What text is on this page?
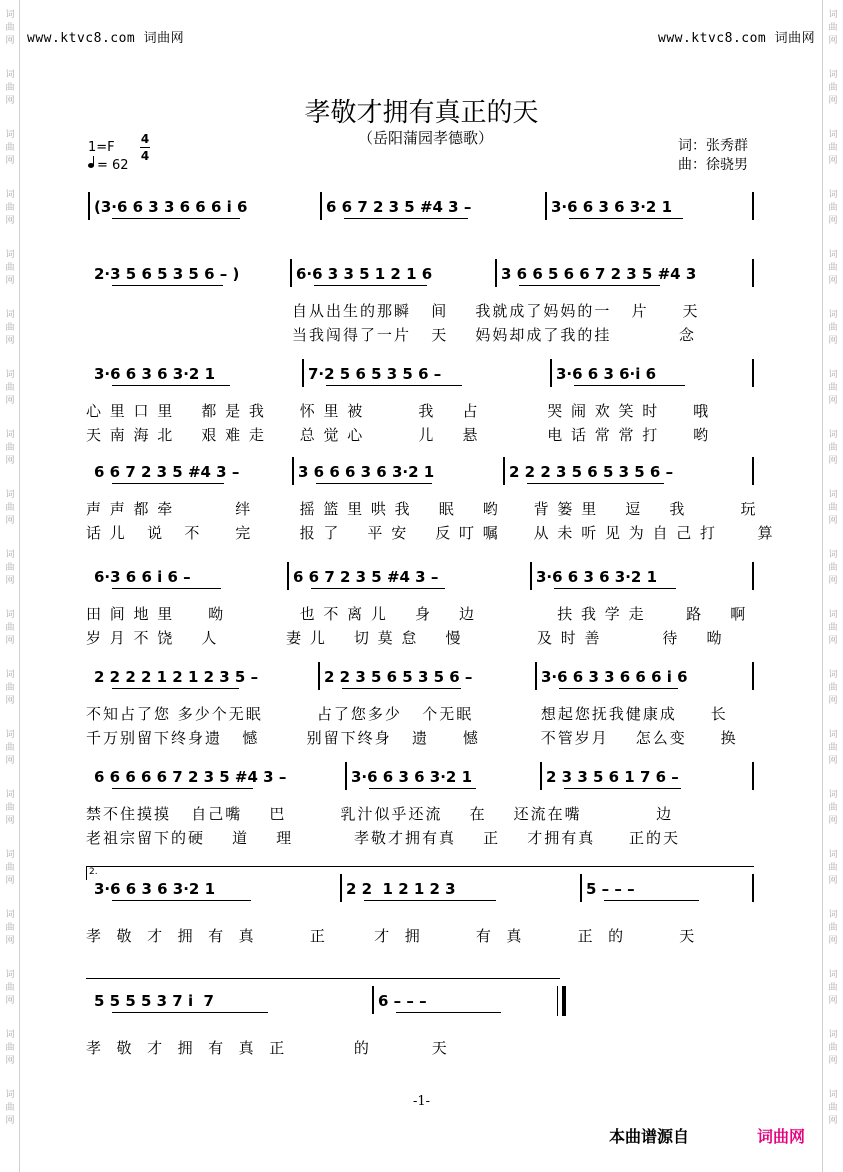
词
曲
网
词
曲
网
词
曲
网
词
曲
网
词
曲
网
词
曲
网
词
曲
网
词
曲
网
词
曲
网
词
曲
网
词
曲
网
词
曲
网
词
曲
网
词
曲
网
词
曲
网
词
曲
网
词
曲
网
词
曲
网
词
曲
网
词
曲
网
词
曲
网
词
曲
网
词
曲
网
词
曲
网
词
曲
网
词
曲
网
词
曲
网
词
曲
网
词
曲
网
词
曲
网
词
曲
网
词
曲
网
词
曲
网
词
曲
网
词
曲
网
词
曲
网
词
曲
网
词
曲
网
www.ktvc8.com 词曲网	www.ktvc8.com 词曲网
孝敬才拥有真正的天
（岳阳蒲园孝德歌）	词：张秀群
曲：徐骁男
1=F
= 62
4
4
(3·6 6 3 3 6 6 6 i 6	6 6 7 2 3 5 #4 3 –	3·6 6 3 6 3·2 1
2·3 5 6 5 3 5 6 – )	6·6 3 3 5 1 2 1 6	3 6 6 5 6 6 7 2 3 5 #4 3
自从出生的那瞬   间    我就成了妈妈的一   片     天
当我闯得了一片   天    妈妈却成了我的挂          念
3·6 6 3 6 3·2 1	7·2 5 6 5 3 5 6 –	3·6 6 3 6·i 6
心 里 口 里    都 是 我     怀 里 被        我    占          哭 闹 欢 笑 时     哦
天 南 海 北    艰 难 走     总 觉 心        儿    悬          电 话 常 常 打     哟
6 6 7 2 3 5 #4 3 –	3 6 6 6 3 6 3·2 1	2 2 2 3 5 6 5 3 5 6 –
声 声 都 牵         绊       摇 篮 里 哄 我    眠    哟     背 篓 里    逗    我        玩
话 儿   说   不     完       报 了    平 安    反 叮 嘱     从 未 听 见 为 自 己 打      算
6·3 6 6 i 6 –	6 6 7 2 3 5 #4 3 –	3·6 6 3 6 3·2 1
田 间 地 里     呦           也 不 离 儿    身    边            扶 我 学 走      路    啊
岁 月 不 饶    人          妻 儿    切 莫 怠    慢           及 时 善         待    呦
2 2 2 2 1 2 1 2 3 5 –	2 2 3 5 6 5 3 5 6 –	3·6 6 3 3 6 6 6 i 6
不知占了您 多少个无眠        占了您多少   个无眠          想起您抚我健康成     长
千万别留下终身遗   憾       别留下终身   遗     憾         不管岁月    怎么变     换
6 6 6 6 6 7 2 3 5 #4 3 –	3·6 6 3 6 3·2 1	2 3 3 5 6 1 7 6 –
禁不住摸摸   自己嘴    巴        乳汁似乎还流    在    还流在嘴           边
老祖宗留下的硬    道    理         孝敬才拥有真    正    才拥有真     正的天
3·6 6 3 6 3·2 1	2 2  1 2 1 2 3	5 – – –
2.
孝  敬  才  拥  有  真        正       才  拥        有  真        正  的        天
5 5 5 5 3 7 i  7	6 – – –
孝  敬  才  拥  有  真  正          的         天
-1-
本曲谱源自	词曲网
